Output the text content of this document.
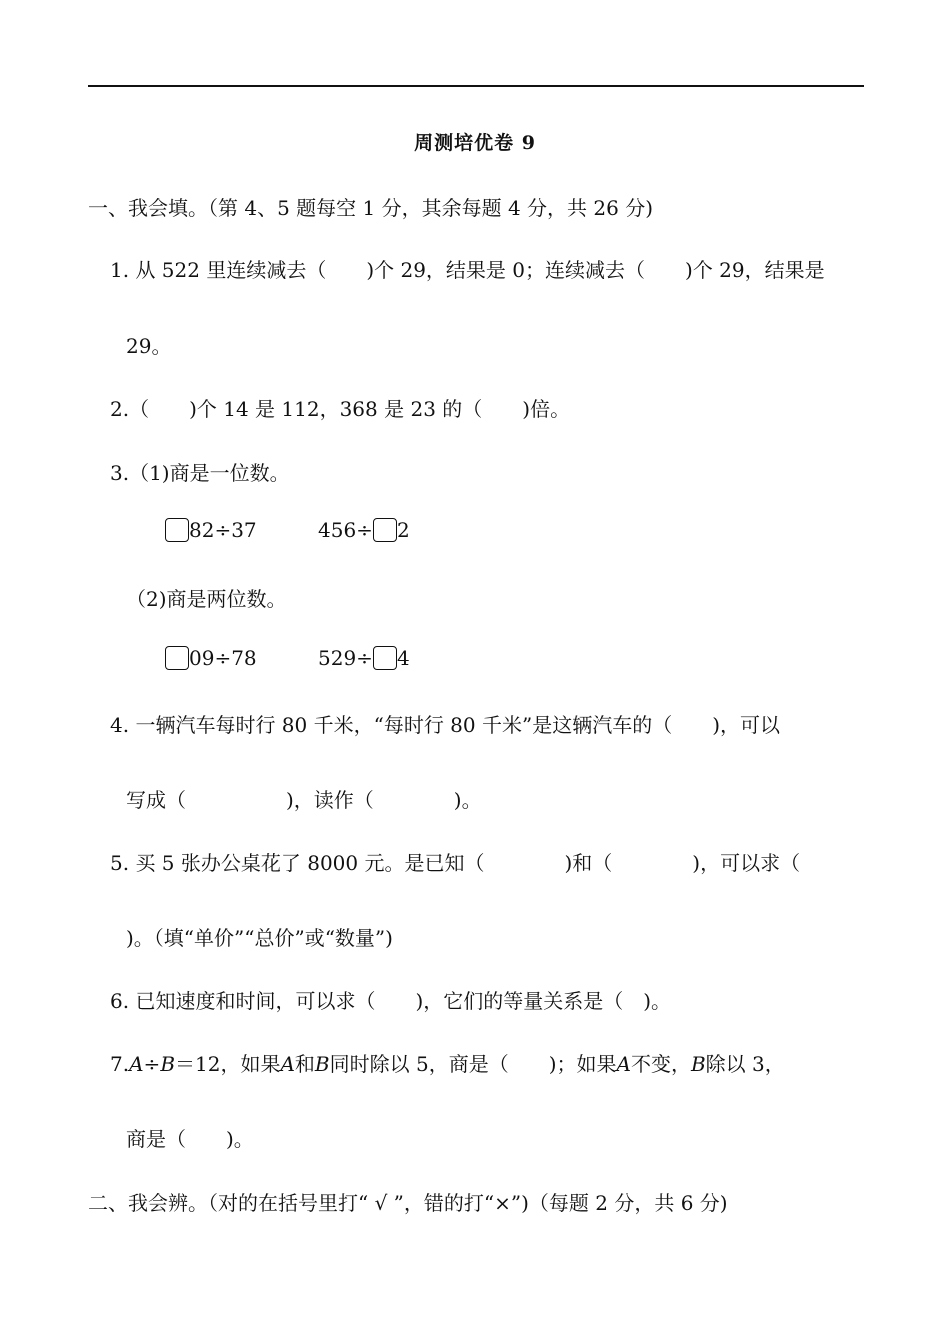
周测培优卷 9
一、我会填。（第 4、5 题每空 1 分，其余每题 4 分，共 26 分)
1. 从 522 里连续减去（　　)个 29，结果是 0；连续减去（　　)个 29，结果是
29。
2.（　　)个 14 是 112，368 是 23 的（　　)倍。
3.（1)商是一位数。
82÷37	456÷ 2
（2)商是两位数。
09÷78	529÷ 4
4. 一辆汽车每时行 80 千米，“每时行 80 千米”是这辆汽车的（　　)，可以
写成（　　　　　)，读作（　　　　)。
5. 买 5 张办公桌花了 8000 元。是已知（　　　　)和（　　　　)，可以求（
)。（填“单价”“总价”或“数量”)
6. 已知速度和时间，可以求（　　)，它们的等量关系是（　)。
7.A÷B＝12，如果A和B同时除以 5，商是（　　)；如果A不变，B除以 3，
商是（　　)。
二、我会辨。（对的在括号里打“ √ ”，错的打“×”)（每题 2 分，共 6 分)
